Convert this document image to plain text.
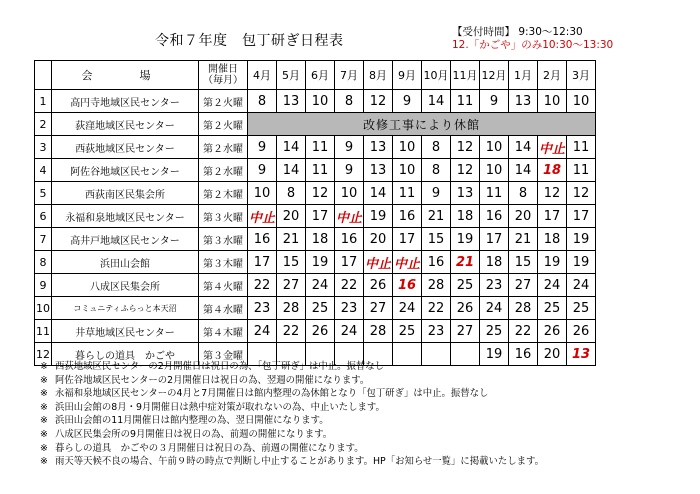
令和７年度　包丁研ぎ日程表
【受付時間】 9:30～12:30
12.「かごや」のみ10:30～13:30
	会　場	開催日
（毎月）	4月	5月	6月	7月	8月	9月	10月	11月	12月	1月	2月	3月
1	高円寺地域区民センター	第２火曜	8	13	10	8	12	9	14	11	9	13	10	10
2	荻窪地域区民センター	第２火曜	改修工事により休館											
3	西荻地域区民センター	第２水曜	9	14	11	9	13	10	8	12	10	14	中止	11
4	阿佐谷地域区民センター	第２水曜	9	14	11	9	13	10	8	12	10	14	18	11
5	西荻南区民集会所	第２木曜	10	8	12	10	14	11	9	13	11	8	12	12
6	永福和泉地域区民センター	第３火曜	中止	20	17	中止	19	16	21	18	16	20	17	17
7	高井戸地域区民センター	第３水曜	16	21	18	16	20	17	15	19	17	21	18	19
8	浜田山会館	第３木曜	17	15	19	17	中止	中止	16	21	18	15	19	19
9	八成区民集会所	第４火曜	22	27	24	22	26	16	28	25	23	27	24	24
10	コミュニティふらっと本天沼	第４水曜	23	28	25	23	27	24	22	26	24	28	25	25
11	井草地域区民センター	第４木曜	24	22	26	24	28	25	23	27	25	22	26	26
12	暮らしの道具　かごや	第３金曜									19	16	20	13
※ 西荻地域区民センターの2月開催日は祝日の為、「包丁研ぎ」は中止。振替なし
※ 阿佐谷地域区民センターの2月開催日は祝日の為、翌週の開催になります。
※ 永福和泉地域区民センターの4月と7月開催日は館内整理の為休館となり「包丁研ぎ」は中止。振替なし
※ 浜田山会館の8月・9月開催日は熱中症対策が取れないの為、中止いたします。
※ 浜田山会館の11月開催日は館内整理の為、翌日開催になります。
※ 八成区民集会所の9月開催日は祝日の為、前週の開催になります。
※ 暮らしの道具　かごやの３月開催日は祝日の為、前週の開催になります。
※ 雨天等天候不良の場合、午前９時の時点で判断し中止することがあります。HP「お知らせ一覧」に掲載いたします。
